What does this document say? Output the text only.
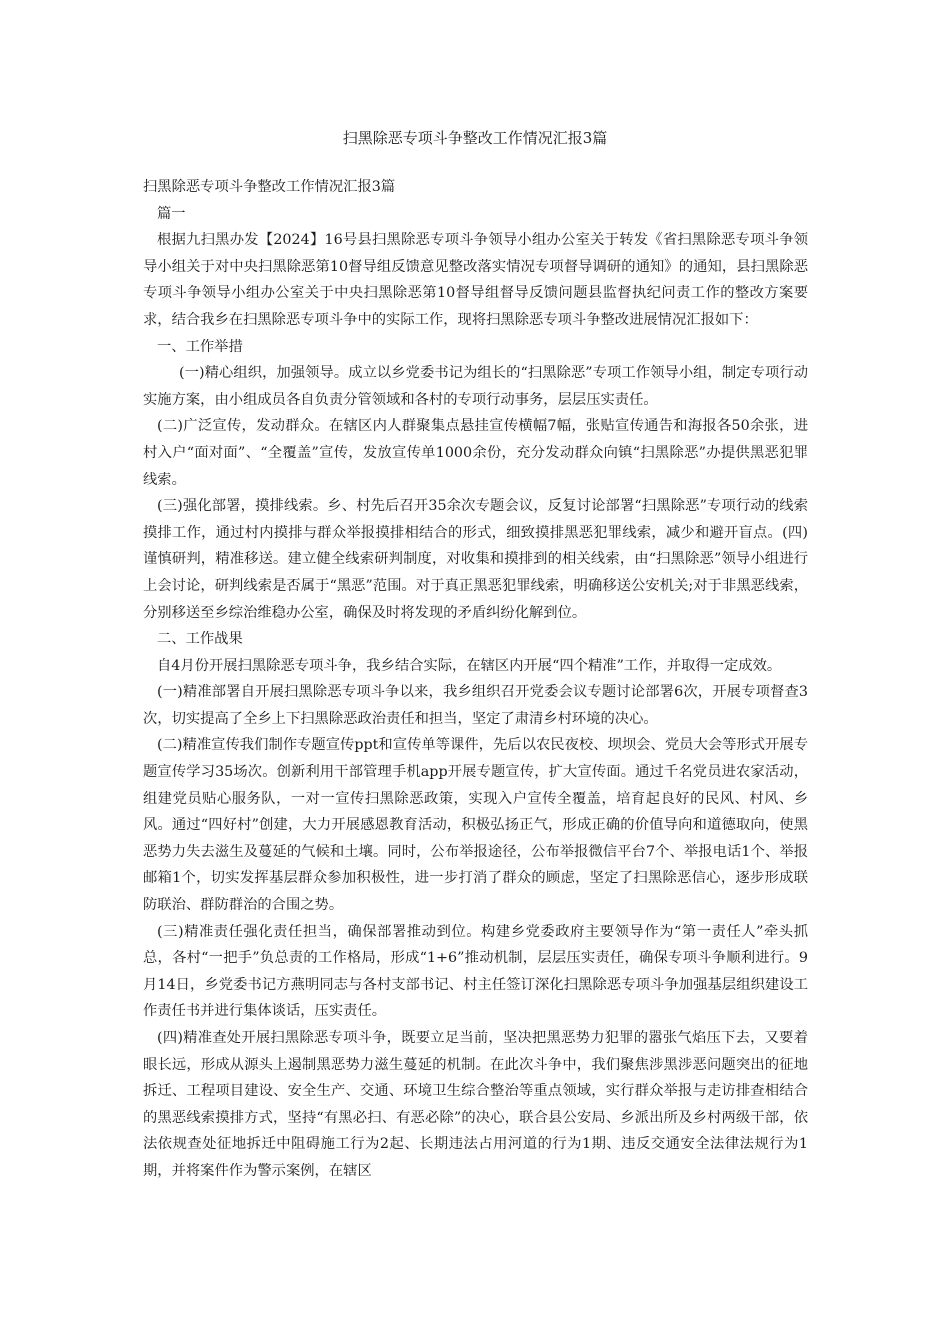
扫黑除恶专项斗争整改工作情况汇报3篇

扫黑除恶专项斗争整改工作情况汇报3篇

篇一

根据九扫黑办发【2024】16号县扫黑除恶专项斗争领导小组办公室关于转发《省扫黑除恶专项斗争领导小组关于对中央扫黑除恶第10督导组反馈意见整改落实情况专项督导调研的通知》的通知，县扫黑除恶专项斗争领导小组办公室关于中央扫黑除恶第10督导组督导反馈问题县监督执纪问责工作的整改方案要求，结合我乡在扫黑除恶专项斗争中的实际工作，现将扫黑除恶专项斗争整改进展情况汇报如下：

一、工作举措

(一)精心组织，加强领导。成立以乡党委书记为组长的“扫黑除恶”专项工作领导小组，制定专项行动实施方案，由小组成员各自负责分管领域和各村的专项行动事务，层层压实责任。

(二)广泛宣传，发动群众。在辖区内人群聚集点悬挂宣传横幅7幅，张贴宣传通告和海报各50余张，进村入户“面对面”、“全覆盖”宣传，发放宣传单1000余份，充分发动群众向镇“扫黑除恶”办提供黑恶犯罪线索。

(三)强化部署，摸排线索。乡、村先后召开35余次专题会议，反复讨论部署“扫黑除恶”专项行动的线索摸排工作，通过村内摸排与群众举报摸排相结合的形式，细致摸排黑恶犯罪线索，减少和避开盲点。(四)谨慎研判，精准移送。建立健全线索研判制度，对收集和摸排到的相关线索，由“扫黑除恶”领导小组进行上会讨论，研判线索是否属于“黑恶”范围。对于真正黑恶犯罪线索，明确移送公安机关;对于非黑恶线索，分别移送至乡综治维稳办公室，确保及时将发现的矛盾纠纷化解到位。

二、工作战果

自4月份开展扫黑除恶专项斗争，我乡结合实际，在辖区内开展“四个精准”工作，并取得一定成效。

(一)精准部署自开展扫黑除恶专项斗争以来，我乡组织召开党委会议专题讨论部署6次，开展专项督查3次，切实提高了全乡上下扫黑除恶政治责任和担当，坚定了肃清乡村环境的决心。

(二)精准宣传我们制作专题宣传ppt和宣传单等课件，先后以农民夜校、坝坝会、党员大会等形式开展专题宣传学习35场次。创新利用干部管理手机app开展专题宣传，扩大宣传面。通过千名党员进农家活动，组建党员贴心服务队，一对一宣传扫黑除恶政策，实现入户宣传全覆盖，培育起良好的民风、村风、乡风。通过“四好村”创建，大力开展感恩教育活动，积极弘扬正气，形成正确的价值导向和道德取向，使黑恶势力失去滋生及蔓延的气候和土壤。同时，公布举报途径，公布举报微信平台7个、举报电话1个、举报邮箱1个，切实发挥基层群众参加积极性，进一步打消了群众的顾虑，坚定了扫黑除恶信心，逐步形成联防联治、群防群治的合围之势。

(三)精准责任强化责任担当，确保部署推动到位。构建乡党委政府主要领导作为“第一责任人”牵头抓总，各村“一把手”负总责的工作格局，形成“1+6”推动机制，层层压实责任，确保专项斗争顺利进行。9月14日，乡党委书记方燕明同志与各村支部书记、村主任签订深化扫黑除恶专项斗争加强基层组织建设工作责任书并进行集体谈话，压实责任。

(四)精准查处开展扫黑除恶专项斗争，既要立足当前，坚决把黑恶势力犯罪的嚣张气焰压下去，又要着眼长远，形成从源头上遏制黑恶势力滋生蔓延的机制。在此次斗争中，我们聚焦涉黑涉恶问题突出的征地拆迁、工程项目建设、安全生产、交通、环境卫生综合整治等重点领域，实行群众举报与走访排查相结合的黑恶线索摸排方式，坚持“有黑必扫、有恶必除”的决心，联合县公安局、乡派出所及乡村两级干部，依法依规查处征地拆迁中阻碍施工行为2起、长期违法占用河道的行为1期、违反交通安全法律法规行为1期，并将案件作为警示案例，在辖区
